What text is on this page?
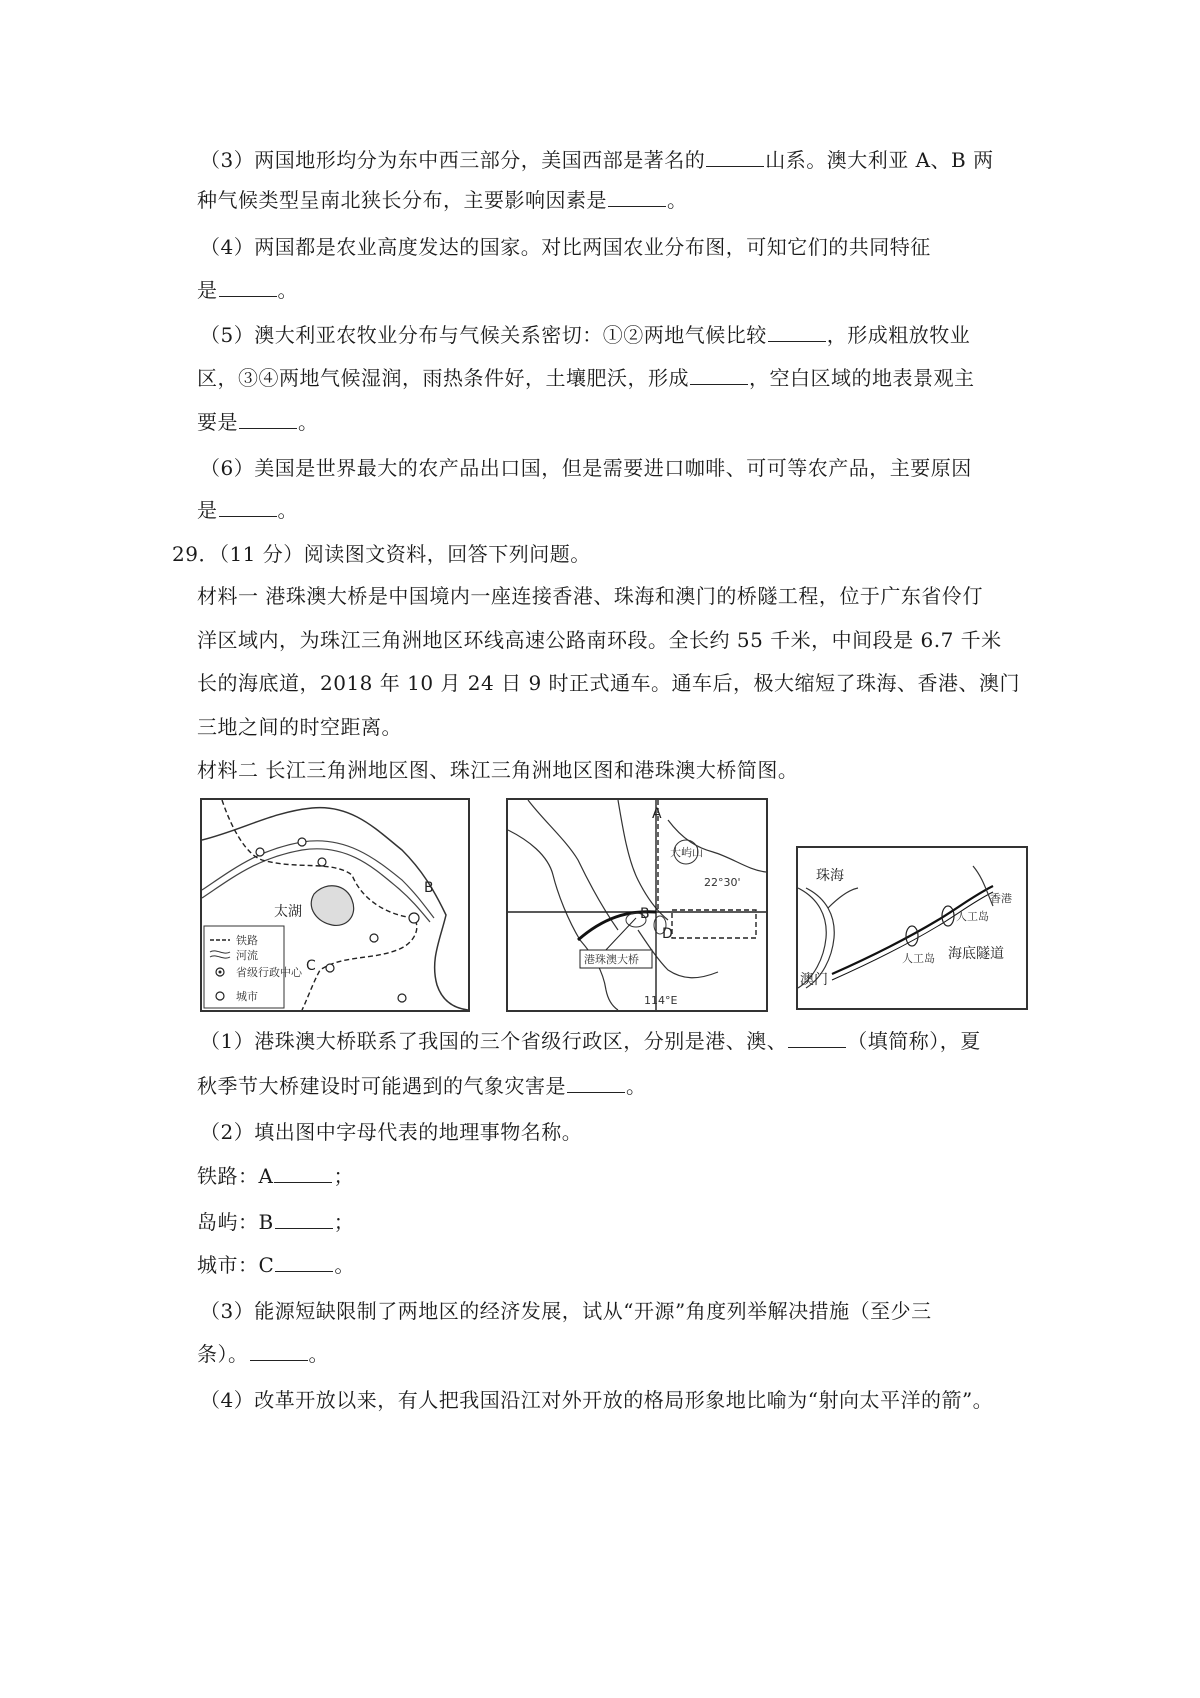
（3）两国地形均分为东中西三部分，美国西部是著名的	山系。澳大利亚 A、B 两
种气候类型呈南北狭长分布，主要影响因素是	。
（4）两国都是农业高度发达的国家。对比两国农业分布图，可知它们的共同特征
是	。
（5）澳大利亚农牧业分布与气候关系密切：①②两地气候比较	，形成粗放牧业
区，③④两地气候湿润，雨热条件好，土壤肥沃，形成	，空白区域的地表景观主
要是	。
（6）美国是世界最大的农产品出口国，但是需要进口咖啡、可可等农产品，主要原因
是	。
29．（11 分）阅读图文资料，回答下列问题。
材料一 港珠澳大桥是中国境内一座连接香港、珠海和澳门的桥隧工程，位于广东省伶仃
洋区域内，为珠江三角洲地区环线高速公路南环段。全长约 55 千米，中间段是 6.7 千米
长的海底道，2018 年 10 月 24 日 9 时正式通车。通车后，极大缩短了珠海、香港、澳门
三地之间的时空距离。
材料二 长江三角洲地区图、珠江三角洲地区图和港珠澳大桥简图。
太湖
B
C
铁路
河流
省级行政中心
城市
A
大屿山
22°30'
B
D
港珠澳大桥
114°E
珠海
澳门
香港
人工岛
人工岛 海底隧道
（1）港珠澳大桥联系了我国的三个省级行政区，分别是港、澳、	（填简称），夏
秋季节大桥建设时可能遇到的气象灾害是	。
（2）填出图中字母代表的地理事物名称。
铁路：A	；
岛屿：B	；
城市：C	。
（3）能源短缺限制了两地区的经济发展，试从“开源”角度列举解决措施（至少三
条）。	。
（4）改革开放以来，有人把我国沿江对外开放的格局形象地比喻为“射向太平洋的箭”。
